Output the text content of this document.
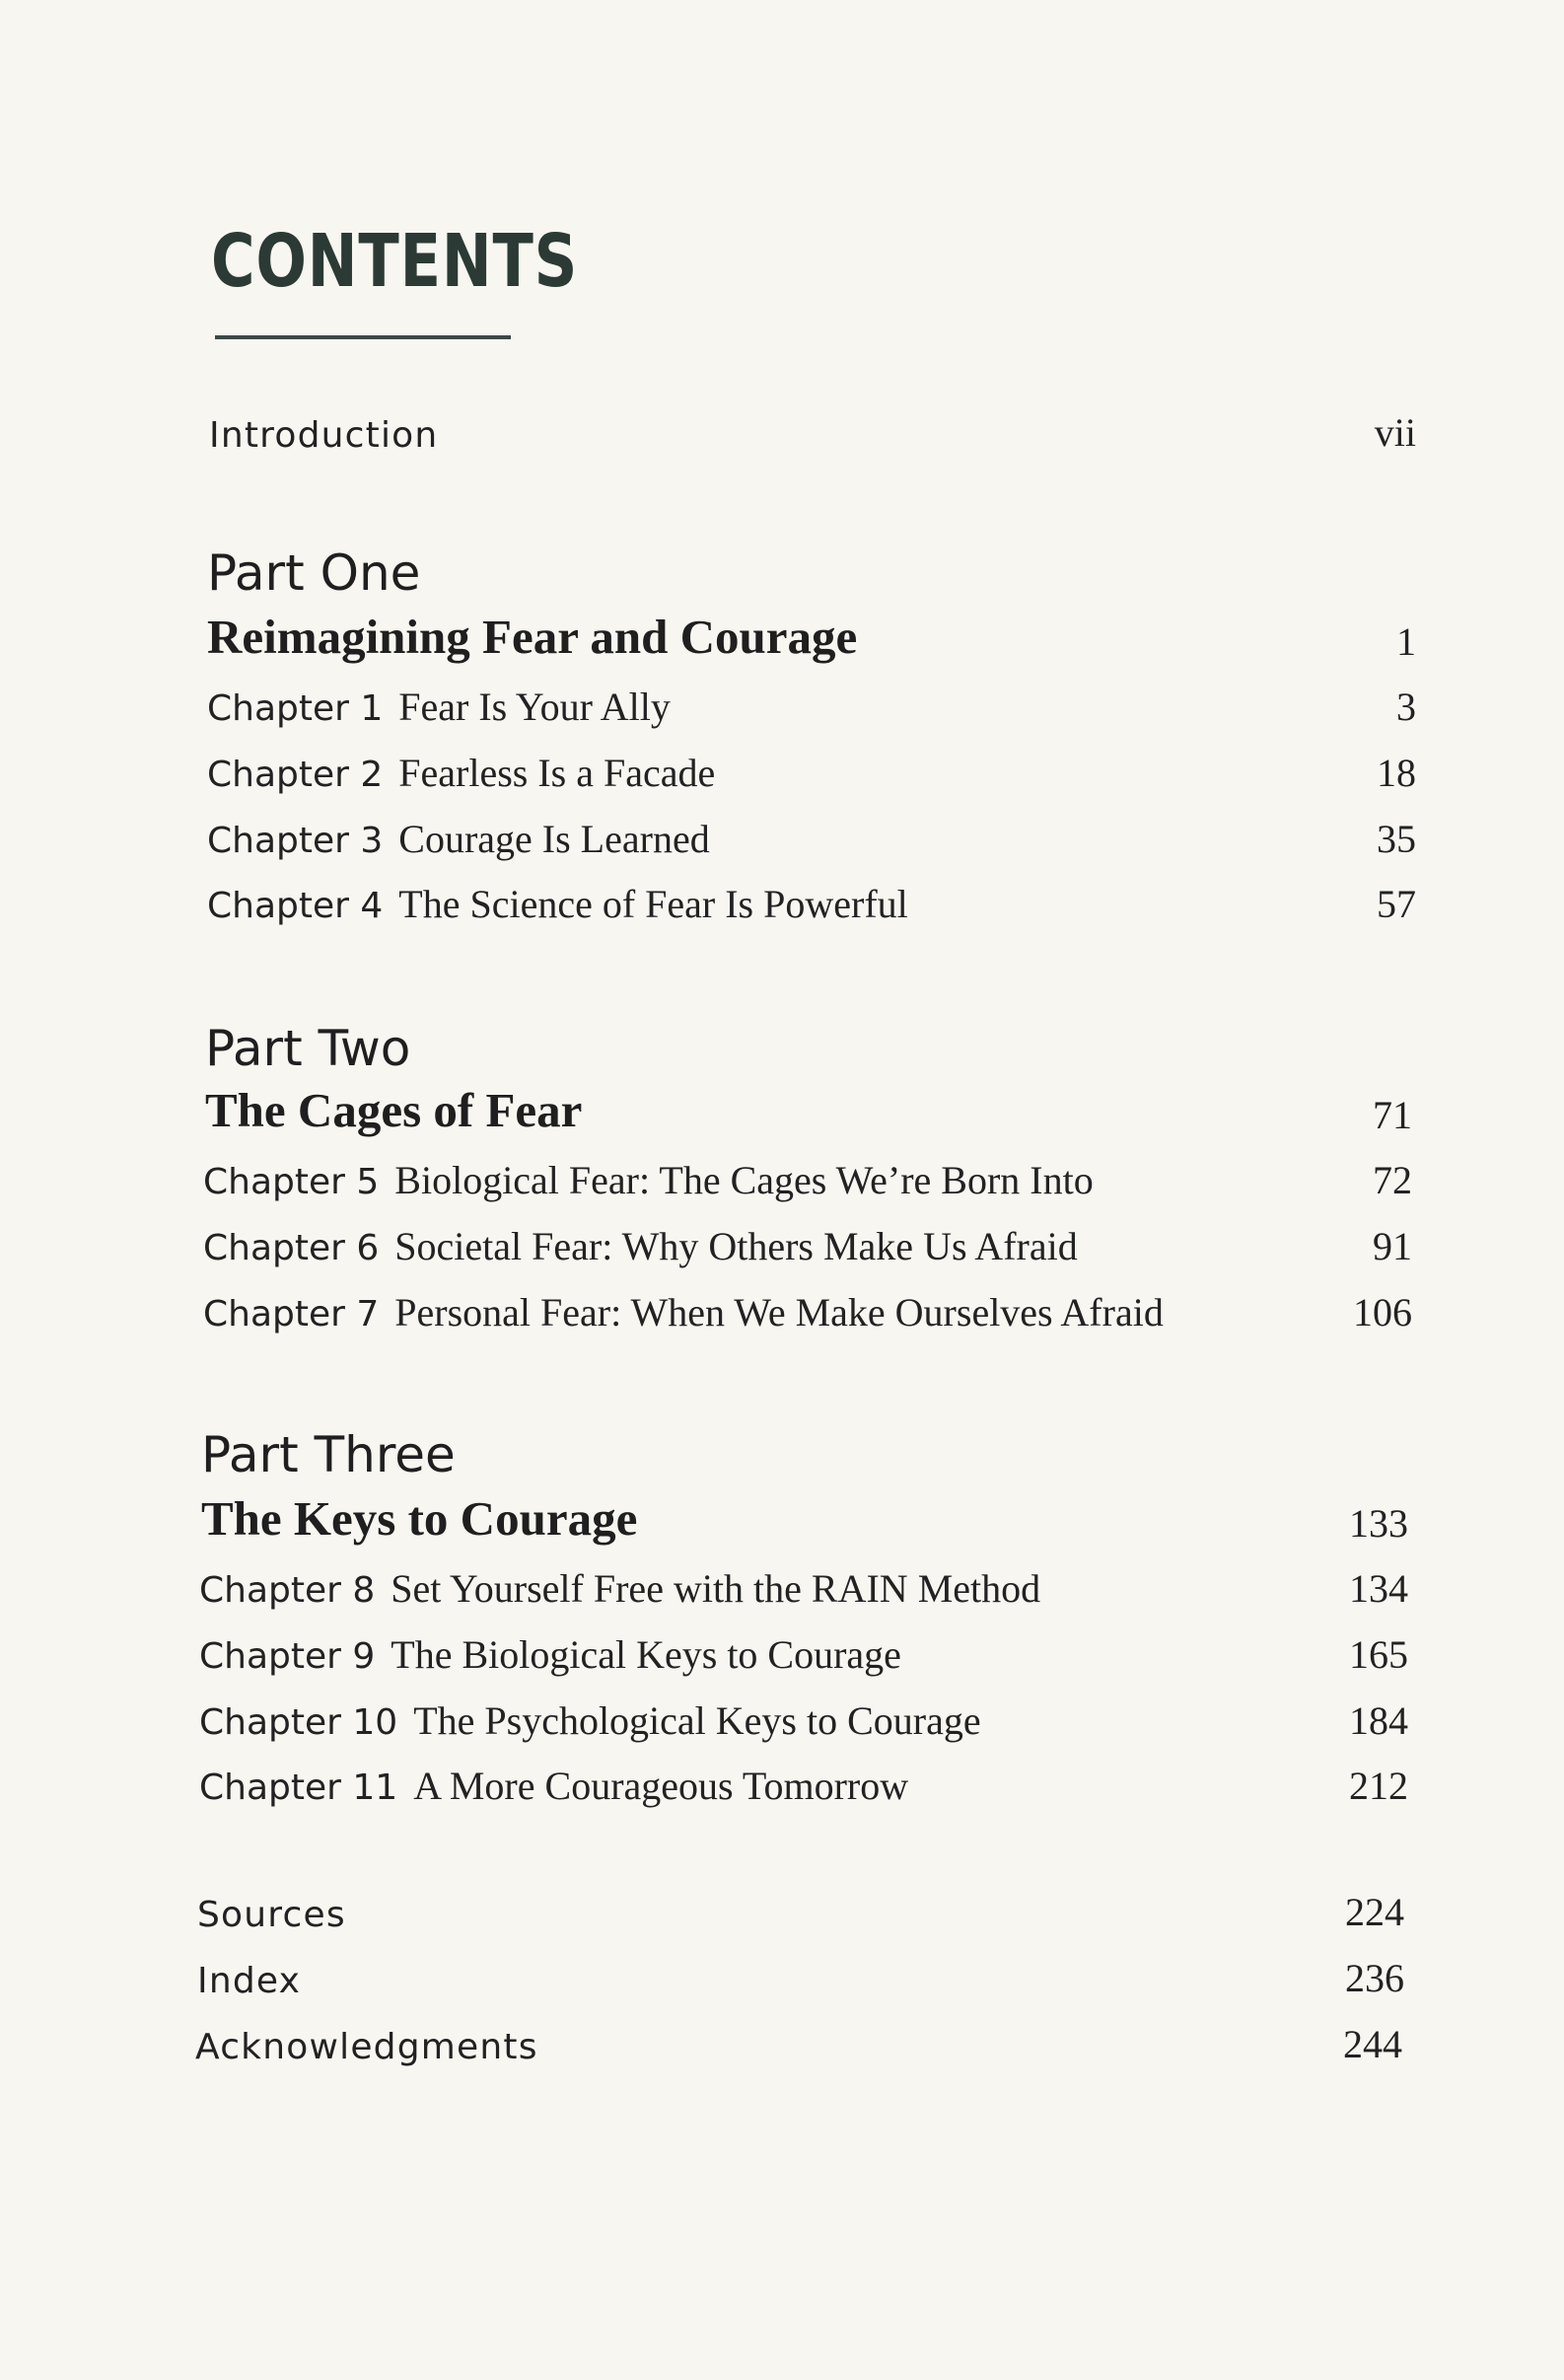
CONTENTS
Introduction	vii
Part One
Reimagining Fear and Courage	1
Chapter 1 Fear Is Your Ally	3
Chapter 2 Fearless Is a Facade	18
Chapter 3 Courage Is Learned	35
Chapter 4 The Science of Fear Is Powerful	57
Part Two
The Cages of Fear	71
Chapter 5 Biological Fear: The Cages We’re Born Into	72
Chapter 6 Societal Fear: Why Others Make Us Afraid	91
Chapter 7 Personal Fear: When We Make Ourselves Afraid	106
Part Three
The Keys to Courage	133
Chapter 8 Set Yourself Free with the RAIN Method	134
Chapter 9 The Biological Keys to Courage	165
Chapter 10 The Psychological Keys to Courage	184
Chapter 11 A More Courageous Tomorrow	212
Sources	224
Index	236
Acknowledgments	244
